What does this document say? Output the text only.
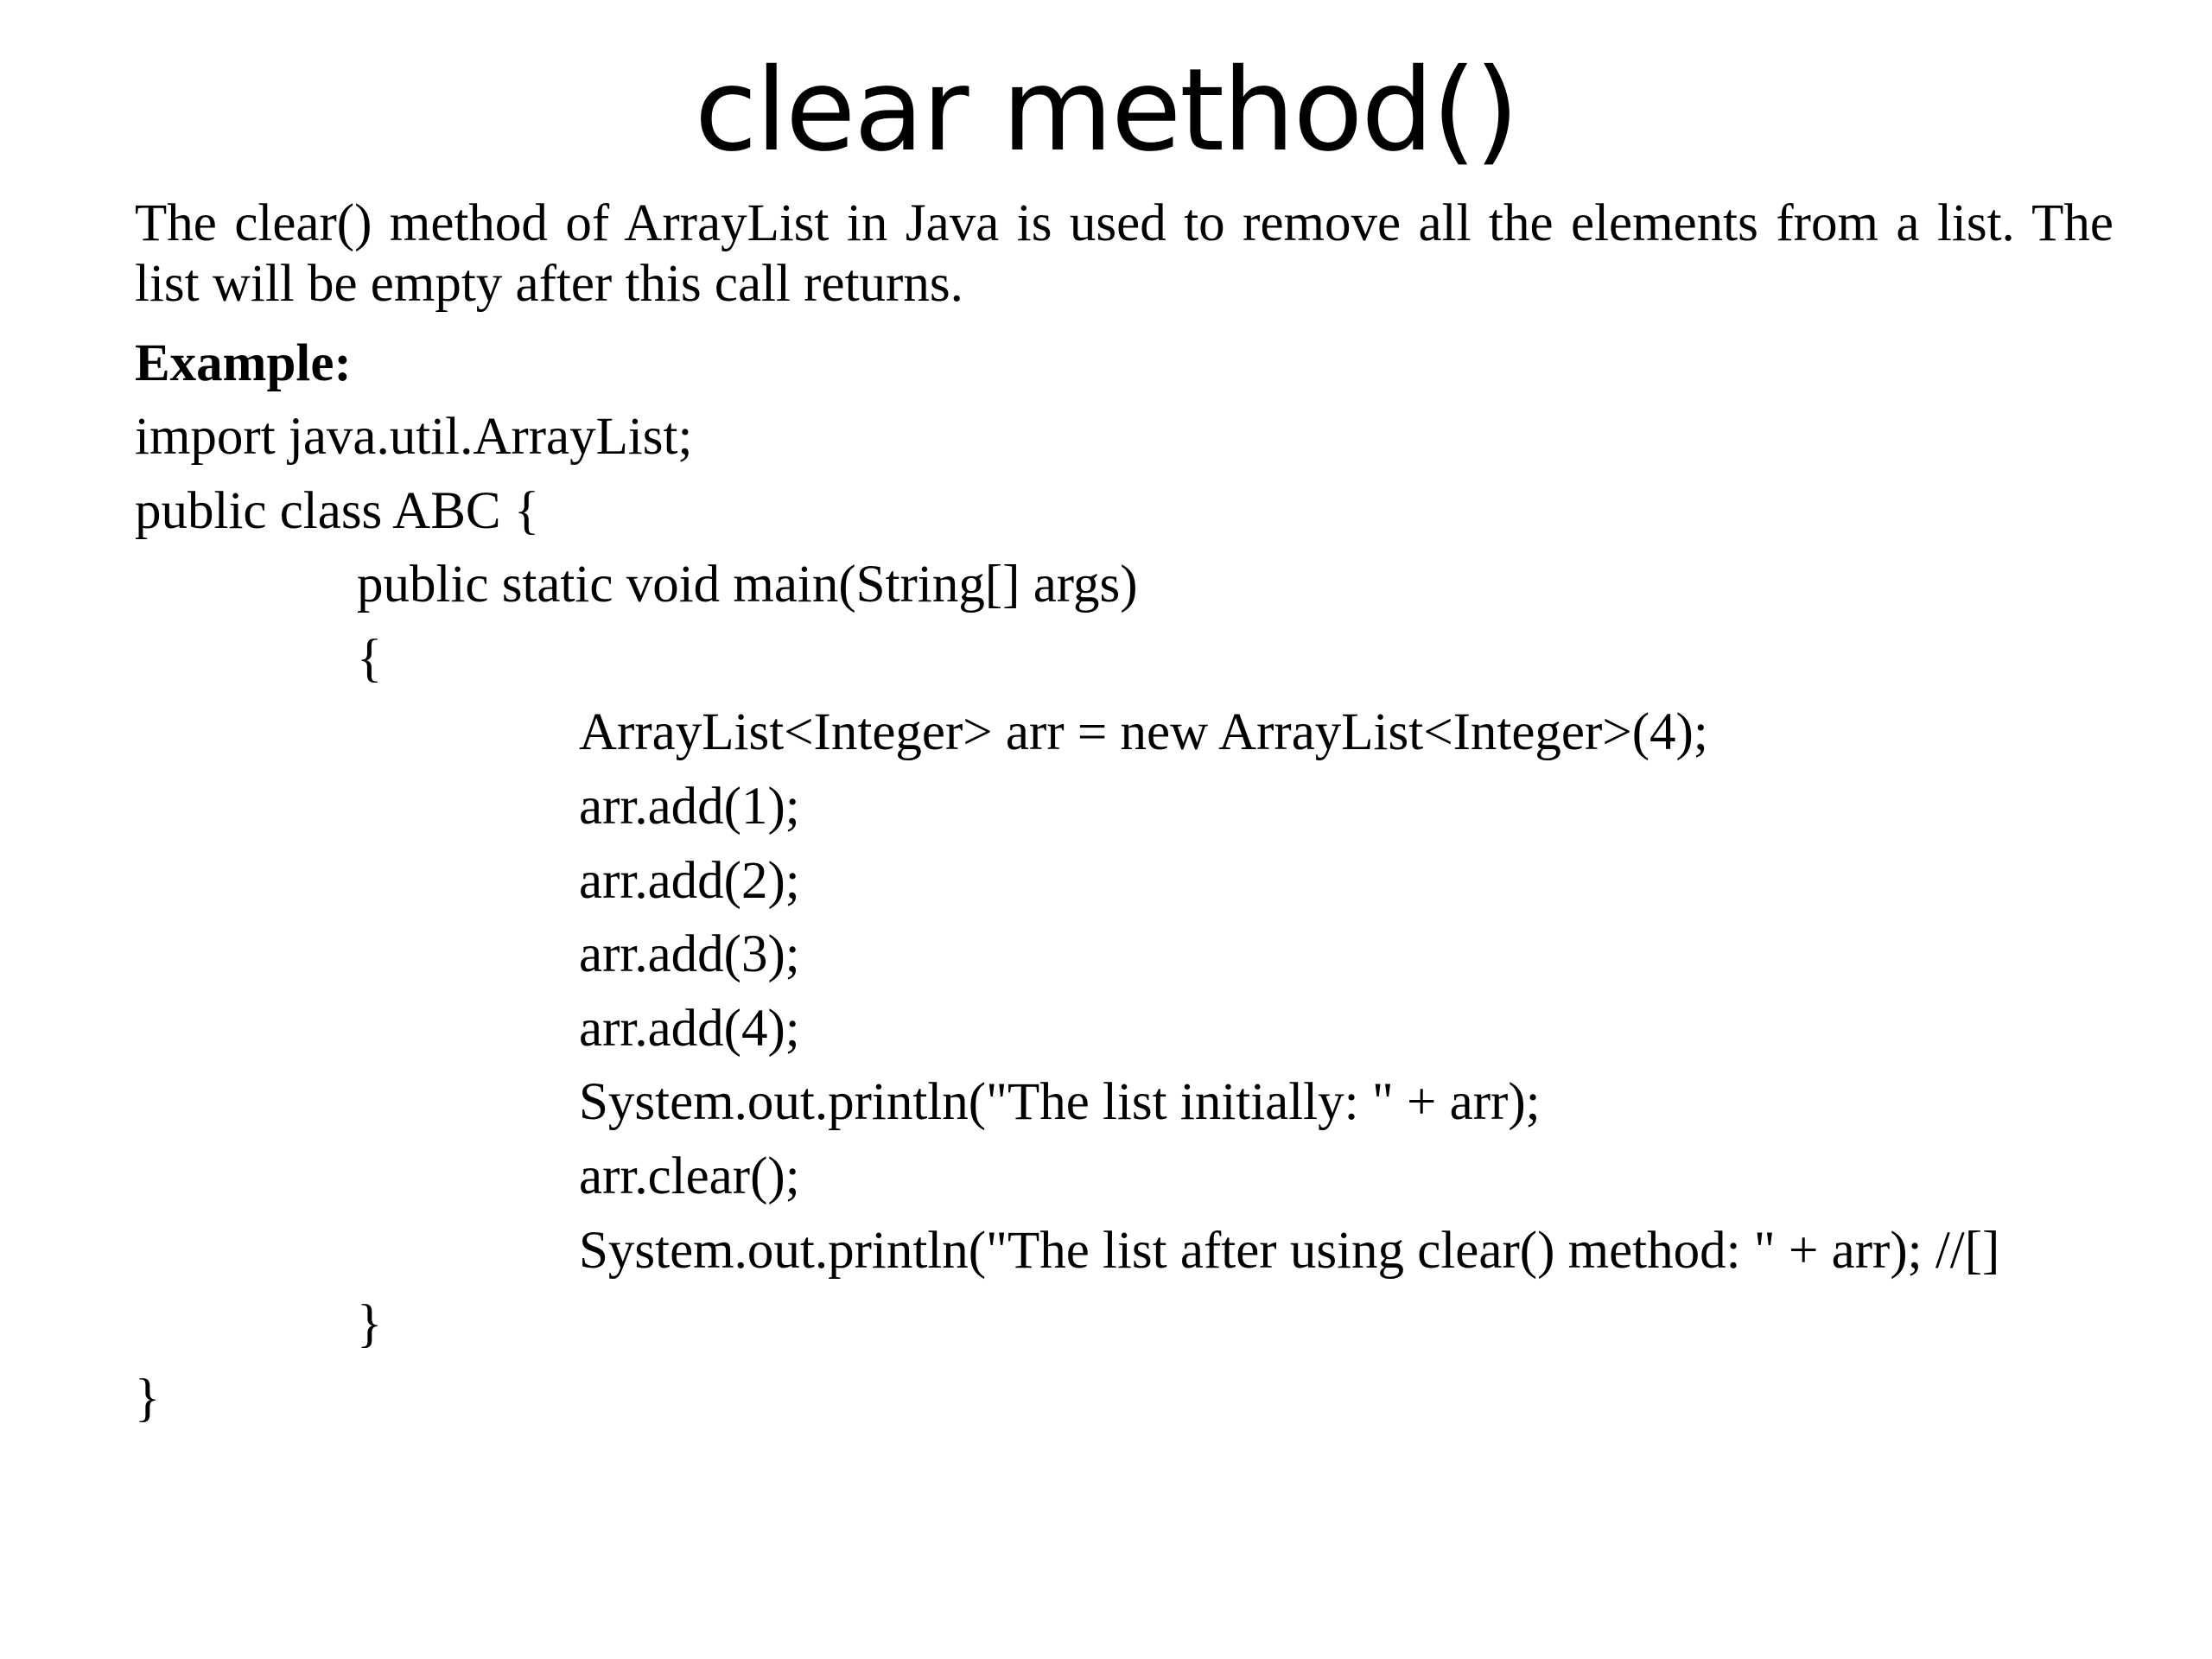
clear method()

The clear() method of ArrayList in Java is used to remove all the elements from a list. The list will be empty after this call returns.

Example:
import java.util.ArrayList;
public class ABC {
public static void main(String[] args)
{
ArrayList<Integer> arr = new ArrayList<Integer>(4);
arr.add(1);
arr.add(2);
arr.add(3);
arr.add(4);
System.out.println("The list initially: " + arr);
arr.clear();
System.out.println("The list after using clear() method: " + arr); //[]
}
}
